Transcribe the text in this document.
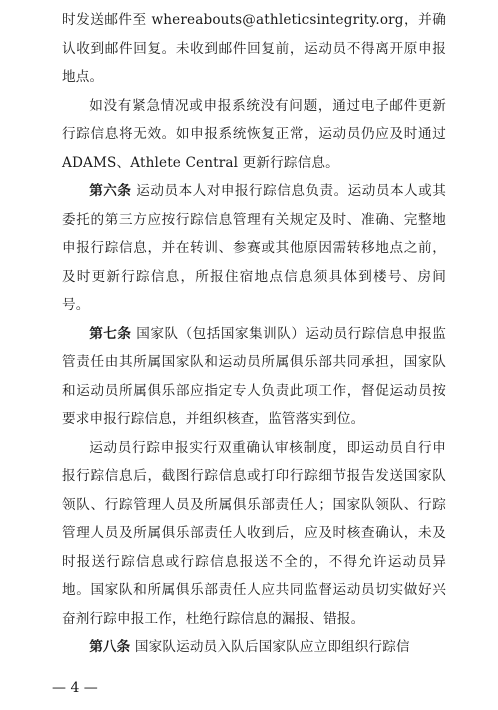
时发送邮件至 whereabouts@athleticsintegrity.org，并确认收到邮件回复。未收到邮件回复前，运动员不得离开原申报地点。

如没有紧急情况或申报系统没有问题，通过电子邮件更新行踪信息将无效。如申报系统恢复正常，运动员仍应及时通过 ADAMS、Athlete Central 更新行踪信息。

第六条 运动员本人对申报行踪信息负责。运动员本人或其委托的第三方应按行踪信息管理有关规定及时、准确、完整地申报行踪信息，并在转训、参赛或其他原因需转移地点之前，及时更新行踪信息，所报住宿地点信息须具体到楼号、房间号。

第七条 国家队（包括国家集训队）运动员行踪信息申报监管责任由其所属国家队和运动员所属俱乐部共同承担，国家队和运动员所属俱乐部应指定专人负责此项工作，督促运动员按要求申报行踪信息，并组织核查，监管落实到位。

运动员行踪申报实行双重确认审核制度，即运动员自行申报行踪信息后，截图行踪信息或打印行踪细节报告发送国家队领队、行踪管理人员及所属俱乐部责任人；国家队领队、行踪管理人员及所属俱乐部责任人收到后，应及时核查确认，未及时报送行踪信息或行踪信息报送不全的，不得允许运动员异地。国家队和所属俱乐部责任人应共同监督运动员切实做好兴奋剂行踪申报工作，杜绝行踪信息的漏报、错报。

第八条 国家队运动员入队后国家队应立即组织行踪信

— 4 —
